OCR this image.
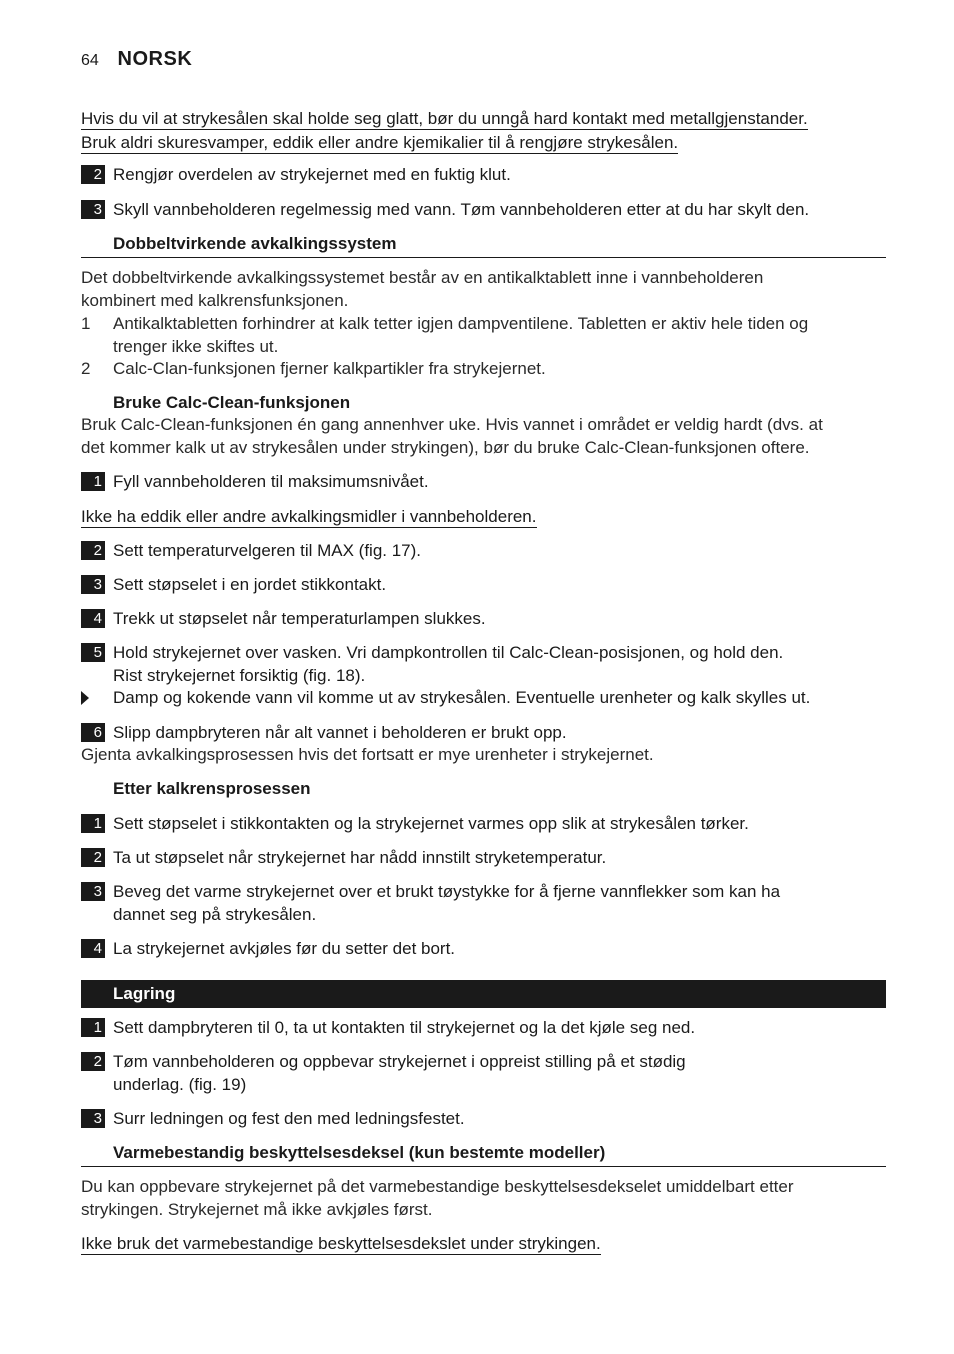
64 NORSK
Hvis du vil at strykesålen skal holde seg glatt, bør du unngå hard kontakt med metallgjenstander.
Bruk aldri skuresvamper, eddik eller andre kjemikalier til å rengjøre strykesålen.
2 Rengjør overdelen av strykejernet med en fuktig klut.
3 Skyll vannbeholderen regelmessig med vann. Tøm vannbeholderen etter at du har skylt den.
Dobbeltvirkende avkalkingssystem
Det dobbeltvirkende avkalkingssystemet består av en antikalktablett inne i vannbeholderen
kombinert med kalkrensfunksjonen.
1 Antikalktabletten forhindrer at kalk tetter igjen dampventilene. Tabletten er aktiv hele tiden og
trenger ikke skiftes ut.
2 Calc-Clan-funksjonen fjerner kalkpartikler fra strykejernet.
Bruke Calc-Clean-funksjonen
Bruk Calc-Clean-funksjonen én gang annenhver uke. Hvis vannet i området er veldig hardt (dvs. at
det kommer kalk ut av strykesålen under strykingen), bør du bruke Calc-Clean-funksjonen oftere.
1 Fyll vannbeholderen til maksimumsnivået.
Ikke ha eddik eller andre avkalkingsmidler i vannbeholderen.
2 Sett temperaturvelgeren til MAX (fig. 17).
3 Sett støpselet i en jordet stikkontakt.
4 Trekk ut støpselet når temperaturlampen slukkes.
5 Hold strykejernet over vasken. Vri dampkontrollen til Calc-Clean-posisjonen, og hold den.
Rist strykejernet forsiktig (fig. 18).
Damp og kokende vann vil komme ut av strykesålen. Eventuelle urenheter og kalk skylles ut.
6 Slipp dampbryteren når alt vannet i beholderen er brukt opp.
Gjenta avkalkingsprosessen hvis det fortsatt er mye urenheter i strykejernet.
Etter kalkrensprosessen
1 Sett støpselet i stikkontakten og la strykejernet varmes opp slik at strykesålen tørker.
2 Ta ut støpselet når strykejernet har nådd innstilt stryketemperatur.
3 Beveg det varme strykejernet over et brukt tøystykke for å fjerne vannflekker som kan ha
dannet seg på strykesålen.
4 La strykejernet avkjøles før du setter det bort.
Lagring
1 Sett dampbryteren til 0, ta ut kontakten til strykejernet og la det kjøle seg ned.
2 Tøm vannbeholderen og oppbevar strykejernet i oppreist stilling på et stødig
underlag. (fig. 19)
3 Surr ledningen og fest den med ledningsfestet.
Varmebestandig beskyttelsesdeksel (kun bestemte modeller)
Du kan oppbevare strykejernet på det varmebestandige beskyttelsesdekselet umiddelbart etter
strykingen. Strykejernet må ikke avkjøles først.
Ikke bruk det varmebestandige beskyttelsesdekslet under strykingen.
